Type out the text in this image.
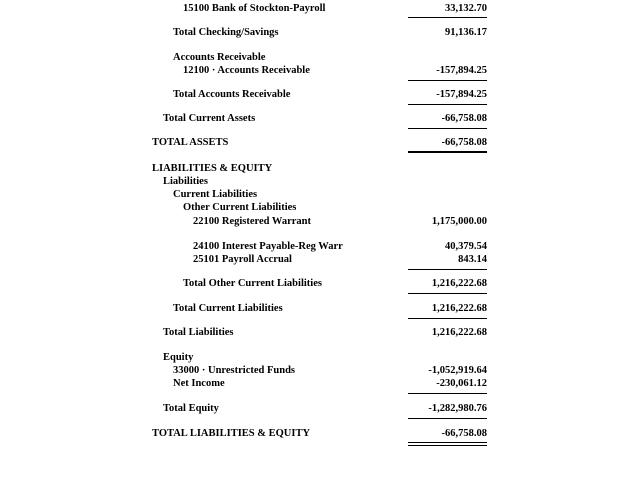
15100 Bank of Stockton-Payroll	33,132.70
Total Checking/Savings	91,136.17
Accounts Receivable
12100 · Accounts Receivable	-157,894.25
Total Accounts Receivable	-157,894.25
Total Current Assets	-66,758.08
TOTAL ASSETS	-66,758.08
LIABILITIES & EQUITY
Liabilities
Current Liabilities
Other Current Liabilities
22100 Registered Warrant	1,175,000.00
24100 Interest Payable-Reg Warr	40,379.54
25101 Payroll Accrual	843.14
Total Other Current Liabilities	1,216,222.68
Total Current Liabilities	1,216,222.68
Total Liabilities	1,216,222.68
Equity
33000 · Unrestricted Funds	-1,052,919.64
Net Income	-230,061.12
Total Equity	-1,282,980.76
TOTAL LIABILITIES & EQUITY	-66,758.08
